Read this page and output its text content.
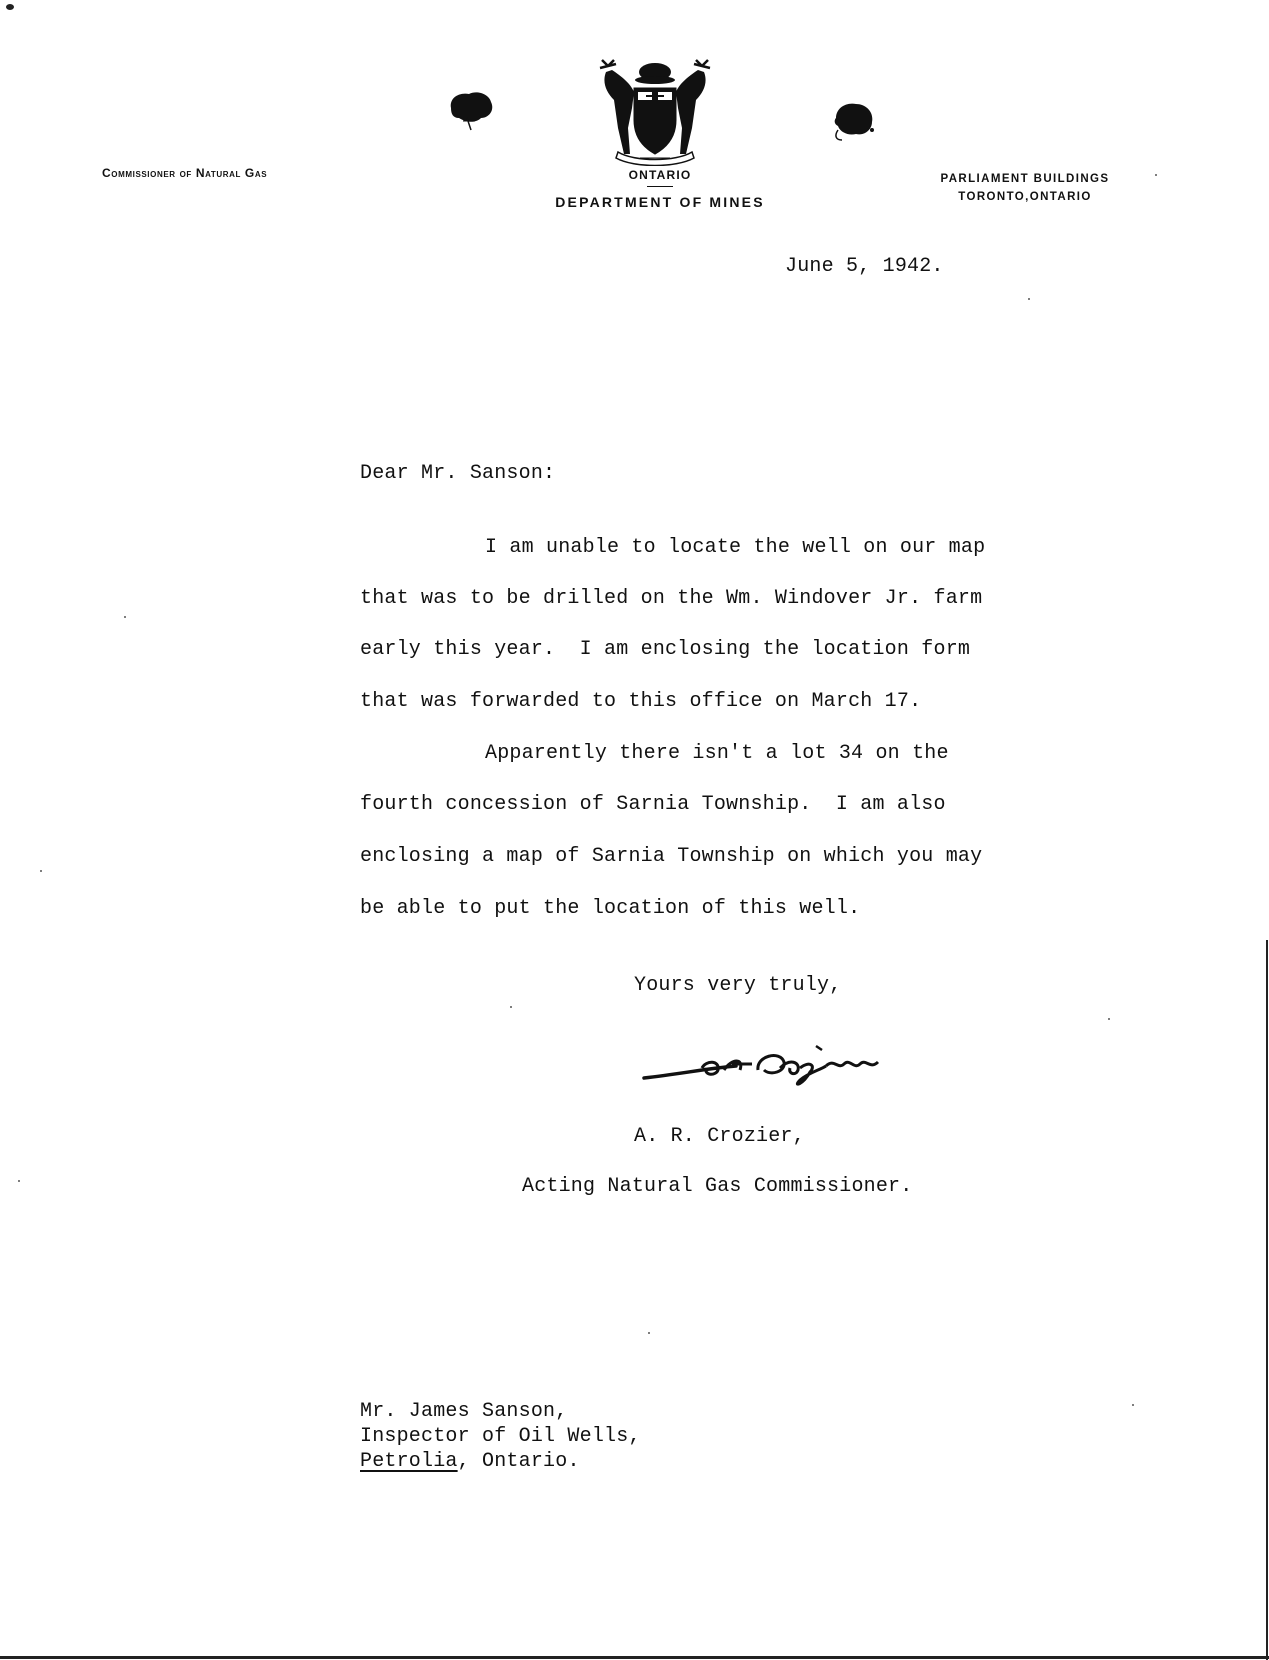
Commissioner of Natural Gas	ONTARIO
DEPARTMENT OF MINES
PARLIAMENT BUILDINGS
TORONTO,ONTARIO
June 5, 1942.
Dear Mr. Sanson:
I am unable to locate the well on our map
that was to be drilled on the Wm. Windover Jr. farm
early this year.  I am enclosing the location form
that was forwarded to this office on March 17.
Apparently there isn't a lot 34 on the
fourth concession of Sarnia Township.  I am also
enclosing a map of Sarnia Township on which you may
be able to put the location of this well.
Yours very truly,
A. R. Crozier,
Acting Natural Gas Commissioner.
Mr. James Sanson,
Inspector of Oil Wells,
Petrolia, Ontario.
